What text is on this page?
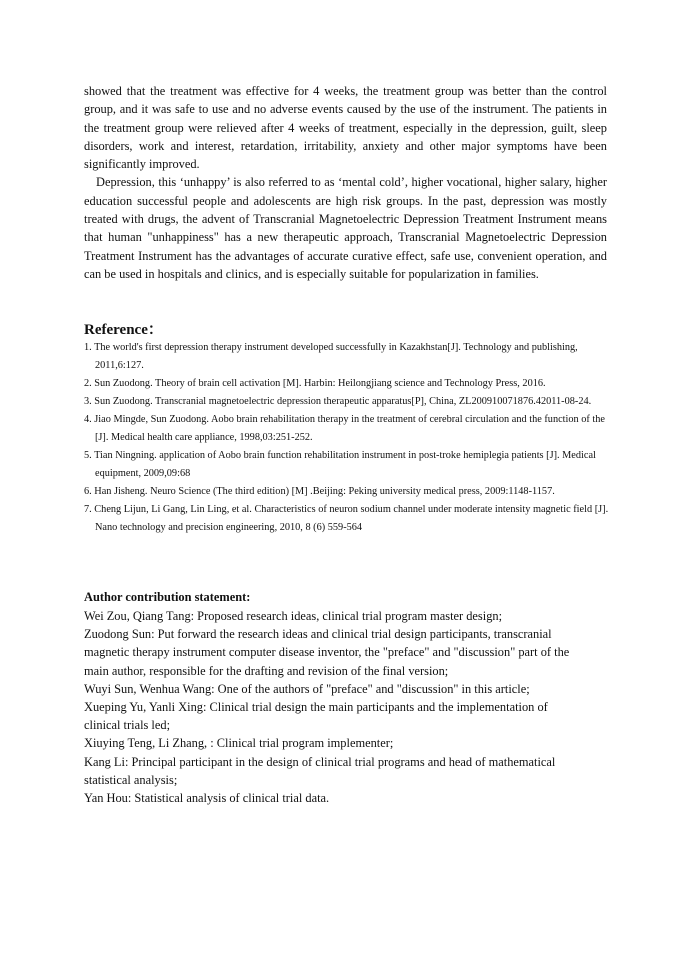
showed that the treatment was effective for 4 weeks, the treatment group was better than the control group, and it was safe to use and no adverse events caused by the use of the instrument. The patients in the treatment group were relieved after 4 weeks of treatment, especially in the depression, guilt, sleep disorders, work and interest, retardation, irritability, anxiety and other major symptoms have been significantly improved.

Depression, this ‘unhappy’ is also referred to as ‘mental cold’, higher vocational, higher salary, higher education successful people and adolescents are high risk groups. In the past, depression was mostly treated with drugs, the advent of Transcranial Magnetoelectric Depression Treatment Instrument means that human "unhappiness" has a new therapeutic approach, Transcranial Magnetoelectric Depression Treatment Instrument has the advantages of accurate curative effect, safe use, convenient operation, and can be used in hospitals and clinics, and is especially suitable for popularization in families.

Reference：
1. The world's first depression therapy instrument developed successfully in Kazakhstan[J]. Technology and publishing, 2011,6:127.
2. Sun Zuodong. Theory of brain cell activation [M]. Harbin: Heilongjiang science and Technology Press, 2016.
3. Sun Zuodong. Transcranial magnetoelectric depression therapeutic apparatus[P], China, ZL200910071876.42011-08-24.
4. Jiao Mingde, Sun Zuodong. Aobo brain rehabilitation therapy in the treatment of cerebral circulation and the function of the [J]. Medical health care appliance, 1998,03:251-252.
5. Tian Ningning. application of Aobo brain function rehabilitation instrument in post-troke hemiplegia patients [J]. Medical equipment, 2009,09:68
6. Han Jisheng. Neuro Science (The third edition) [M] .Beijing: Peking university medical press, 2009:1148-1157.
7. Cheng Lijun, Li Gang, Lin Ling, et al. Characteristics of neuron sodium channel under moderate intensity magnetic field [J]. Nano technology and precision engineering, 2010, 8 (6) 559-564
Author contribution statement:

Wei Zou, Qiang Tang: Proposed research ideas, clinical trial program master design;

Zuodong Sun: Put forward the research ideas and clinical trial design participants, transcranial magnetic therapy instrument computer disease inventor, the "preface" and "discussion" part of the main author, responsible for the drafting and revision of the final version;

Wuyi Sun, Wenhua Wang: One of the authors of "preface" and "discussion" in this article;

Xueping Yu, Yanli Xing: Clinical trial design the main participants and the implementation of clinical trials led;

Xiuying Teng, Li Zhang, : Clinical trial program implementer;

Kang Li: Principal participant in the design of clinical trial programs and head of mathematical statistical analysis;

Yan Hou: Statistical analysis of clinical trial data.
